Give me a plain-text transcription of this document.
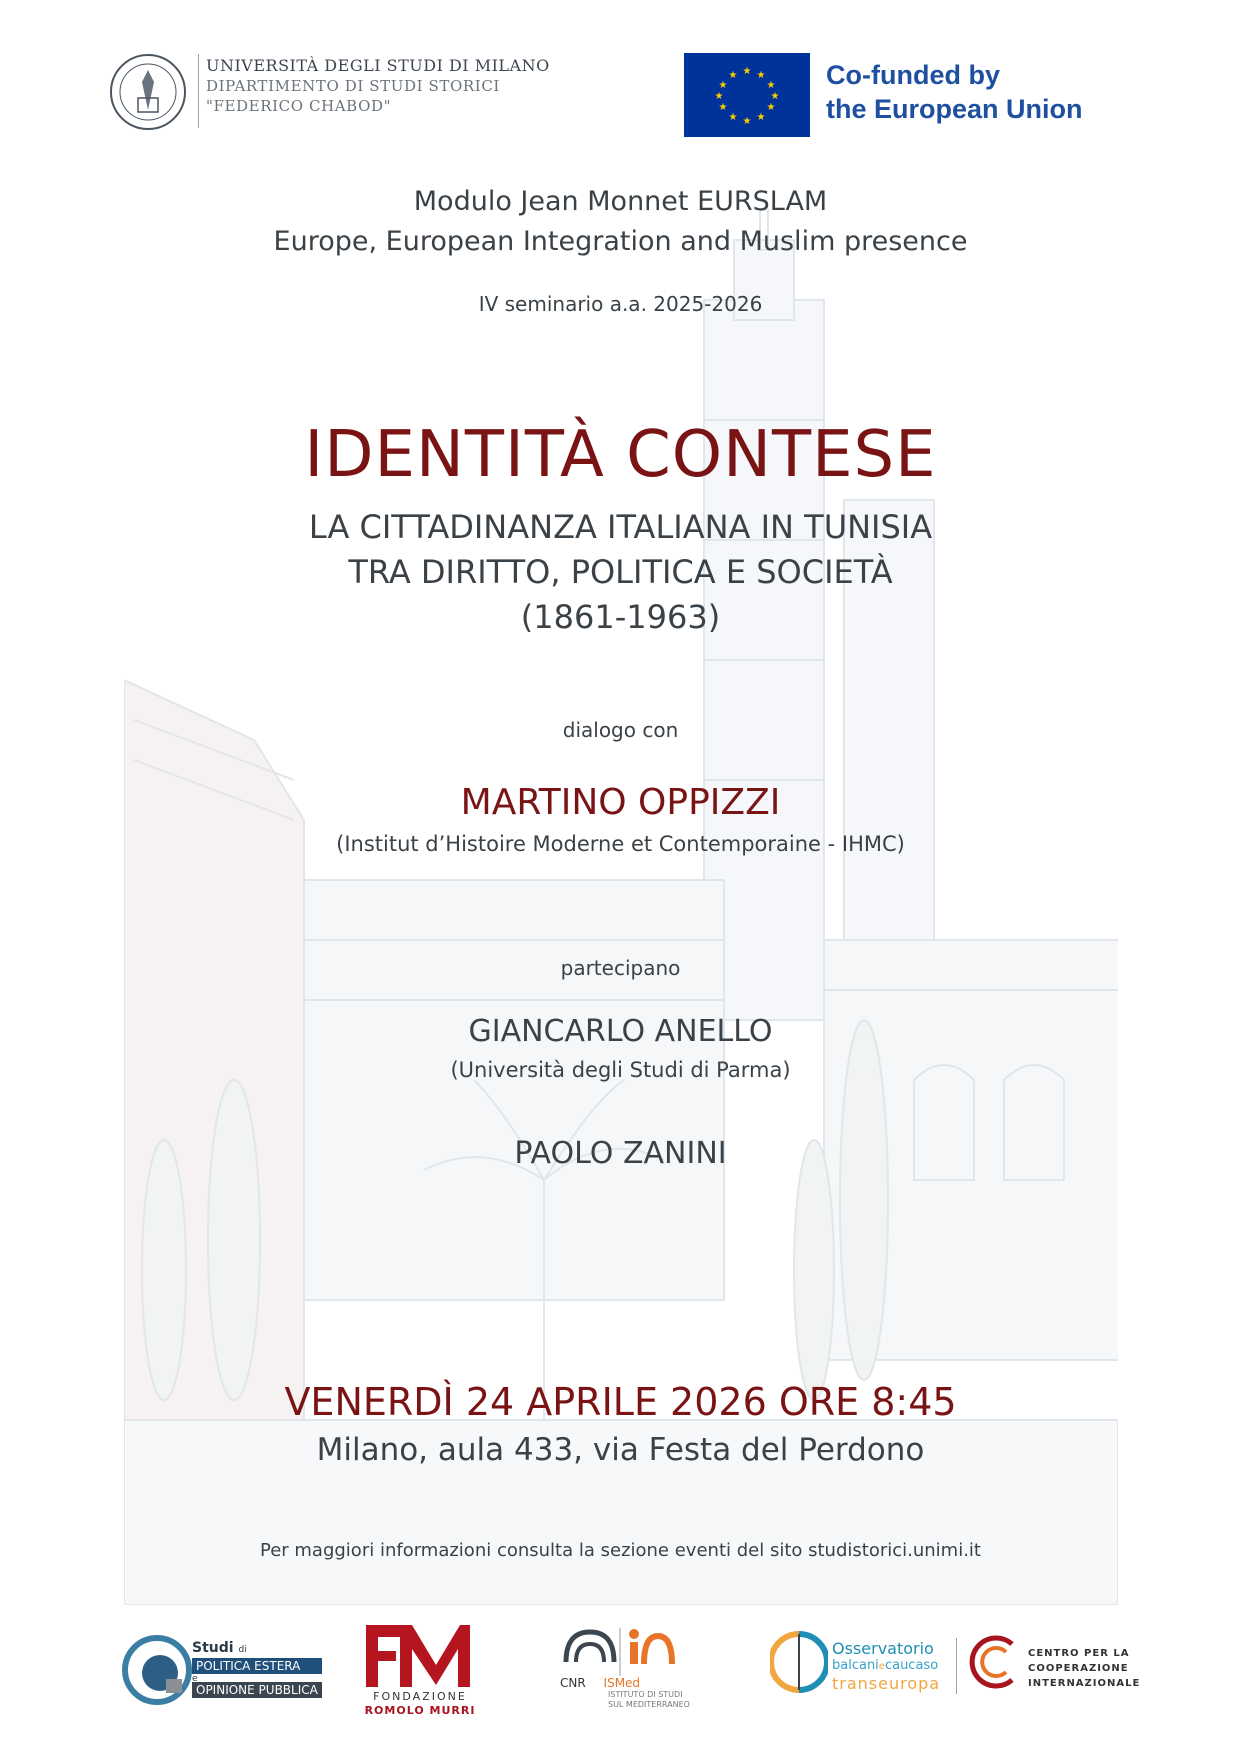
UNIVERSITÀ DEGLI STUDI DI MILANO
DIPARTIMENTO DI STUDI STORICI
"FEDERICO CHABOD"
★ ★
★
★
★
★
★
★
★
★
★
★	Co-funded by
the European Union
Modulo Jean Monnet EURSLAM
Europe, European Integration and Muslim presence
IV seminario a.a. 2025-2026
IDENTITÀ CONTESE
LA CITTADINANZA ITALIANA IN TUNISIA
TRA DIRITTO, POLITICA E SOCIETÀ
(1861-1963)
dialogo con
MARTINO OPPIZZI
(Institut d’Histoire Moderne et Contemporaine - IHMC)
partecipano
GIANCARLO ANELLO
(Università degli Studi di Parma)
PAOLO ZANINI
VENERDÌ 24 APRILE 2026 ORE 8:45
Milano, aula 433, via Festa del Perdono
Per maggiori informazioni consulta la sezione eventi del sito studistorici.unimi.it
Studi di
POLITICA ESTERA
e
OPINIONE PUBBLICA	FONDAZIONE
ROMOLO MURRI
CNR ISMed
ISTITUTO DI STUDI
SUL MEDITERRANEO
Osservatorio
balcaniecaucaso
transeuropa
CENTRO PER LA
COOPERAZIONE
INTERNAZIONALE
